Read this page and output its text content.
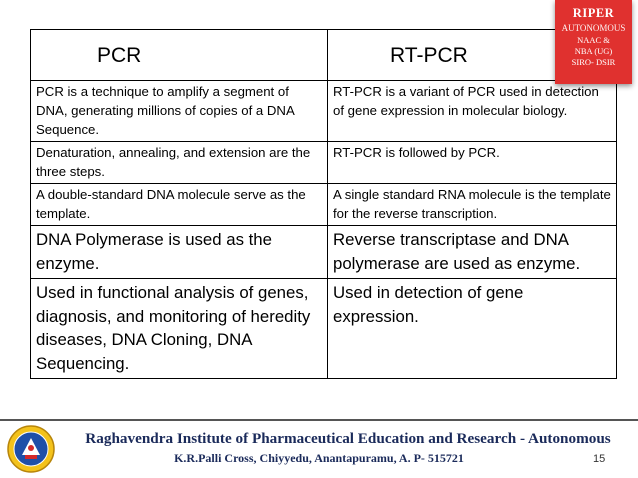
PCR	RT-PCR
PCR is a technique to amplify a segment of DNA, generating millions of copies of a DNA Sequence.	RT-PCR is a variant of PCR used in detection of gene expression in molecular biology.
Denaturation, annealing, and extension are the three steps.	RT-PCR is followed by PCR.
A double-standard DNA molecule serve as the template.	A single standard RNA molecule is the template for the reverse transcription.
DNA Polymerase is used as the enzyme.	Reverse transcriptase and DNA polymerase are used as enzyme.
Used in functional analysis of genes, diagnosis, and monitoring of heredity diseases, DNA Cloning, DNA Sequencing.	Used in detection of gene expression.
RIPER
AUTONOMOUS
NAAC &
NBA (UG)
SIRO- DSIR
Raghavendra Institute of Pharmaceutical Education and Research - Autonomous
K.R.Palli Cross, Chiyyedu, Anantapuramu, A. P- 515721	15
